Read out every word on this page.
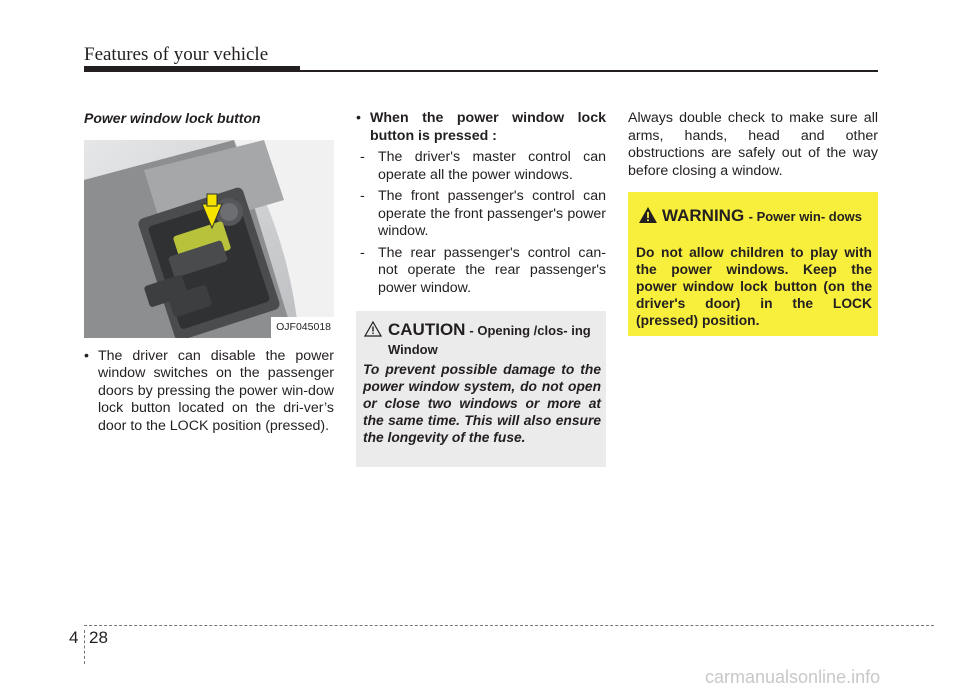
Features of your vehicle
Power window lock button
OJF045018
• The driver can disable the power window switches on the passenger doors by pressing the power win-dow lock button located on the dri-ver’s door to the LOCK position (pressed).
• When the power window lock button is pressed :
- The driver's master control can operate all the power windows.
- The front passenger's control can operate the front passenger's power window.
- The rear passenger's control can-not operate the rear passenger's power window.
CAUTION - Opening /clos- ing Window
To prevent possible damage to the power window system, do not open or close two windows or more at the same time. This will also ensure the longevity of the fuse.
Always double check to make sure all arms, hands, head and other obstructions are safely out of the way before closing a window.
WARNING - Power win- dows
Do not allow children to play with the power windows. Keep the power window lock button (on the driver's door) in the LOCK (pressed) position.
4 28
carmanualsonline.info
